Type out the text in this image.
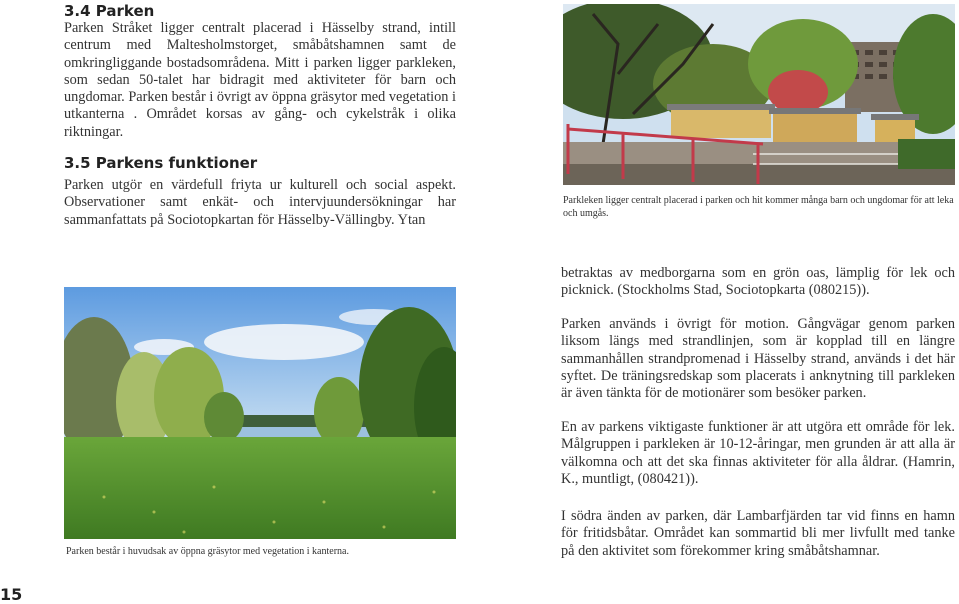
3.4 Parken

Parken Stråket ligger centralt placerad i Hässelby strand, intill centrum med Maltesholmstorget, småbåtshamnen samt de omkringliggande bostadsområdena. Mitt i parken ligger parkleken, som sedan 50-talet har bidragit med aktiviteter för barn och ungdomar. Parken består i övrigt av öppna gräsytor med vegetation i utkanterna . Området korsas av gång- och cykelstråk i olika riktningar.

3.5 Parkens funktioner

Parken utgör en värdefull friyta ur kulturell och social aspekt. Observationer samt enkät- och intervjuundersökningar har sammanfattats på Sociotopkartan för Hässelby-Vällingby. Ytan

Parkleken ligger centralt placerad i parken och hit kommer många barn och ungdomar för att leka och umgås.

Parken består i huvudsak av öppna gräsytor med vegetation i kanterna.

betraktas av medborgarna som en grön oas, lämplig för lek och picknick. (Stockholms Stad, Sociotopkarta (080215)).

Parken används i övrigt för motion. Gångvägar genom parken liksom längs med strandlinjen, som är kopplad till en längre sammanhållen strandpromenad i Hässelby strand, används i det här syftet. De träningsredskap som placerats i anknytning till parkleken är även tänkta för de motionärer som besöker parken.

En av parkens viktigaste funktioner är att utgöra ett område för lek. Målgruppen i parkleken är 10-12-åringar, men grunden är att alla är välkomna och att det ska finnas aktiviteter för alla åldrar. (Hamrin, K., muntligt, (080421)).

I södra änden av parken, där Lambarfjärden tar vid finns en hamn för fritidsbåtar. Området kan sommartid bli mer livfullt med tanke på den aktivitet som förekommer kring småbåtshamnar.

15
